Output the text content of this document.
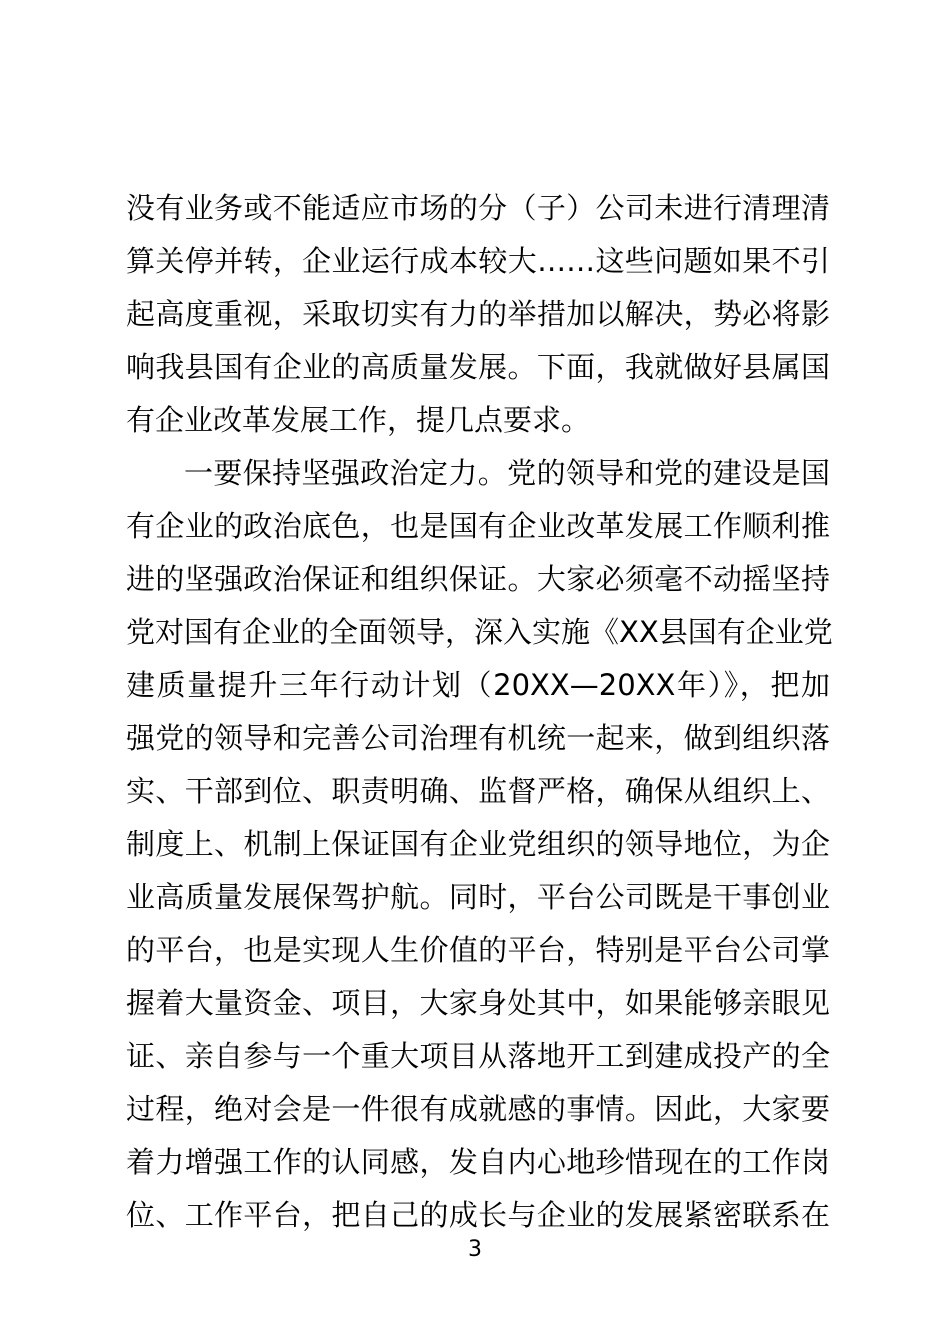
没有业务或不能适应市场的分（子）公司未进行清理清
算关停并转，企业运行成本较大……这些问题如果不引
起高度重视，采取切实有力的举措加以解决，势必将影
响我县国有企业的高质量发展。下面，我就做好县属国
有企业改革发展工作，提几点要求。
一要保持坚强政治定力。党的领导和党的建设是国
有企业的政治底色，也是国有企业改革发展工作顺利推
进的坚强政治保证和组织保证。大家必须毫不动摇坚持
党对国有企业的全面领导，深入实施《XX县国有企业党
建质量提升三年行动计划（20XX—20XX年）》，把加
强党的领导和完善公司治理有机统一起来，做到组织落
实、干部到位、职责明确、监督严格，确保从组织上、
制度上、机制上保证国有企业党组织的领导地位，为企
业高质量发展保驾护航。同时，平台公司既是干事创业
的平台，也是实现人生价值的平台，特别是平台公司掌
握着大量资金、项目，大家身处其中，如果能够亲眼见
证、亲自参与一个重大项目从落地开工到建成投产的全
过程，绝对会是一件很有成就感的事情。因此，大家要
着力增强工作的认同感，发自内心地珍惜现在的工作岗
位、工作平台，把自己的成长与企业的发展紧密联系在
3
